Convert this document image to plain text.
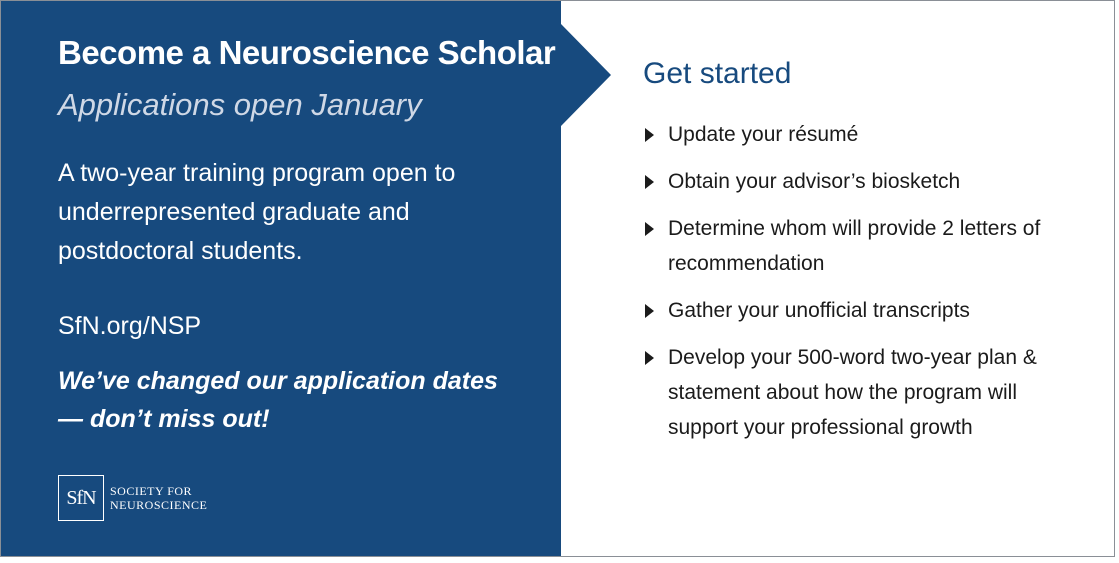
Become a Neuroscience Scholar
Applications open January

A two-year training program open to underrepresented graduate and postdoctoral students.

SfN.org/NSP

We’ve changed our application dates — don’t miss out!

SfN	SOCIETY FOR
NEUROSCIENCE
Get started
Update your résumé
Obtain your advisor’s biosketch
Determine whom will provide 2 letters of recommendation
Gather your unofficial transcripts
Develop your 500-word two-year plan & statement about how the program will support your professional growth
